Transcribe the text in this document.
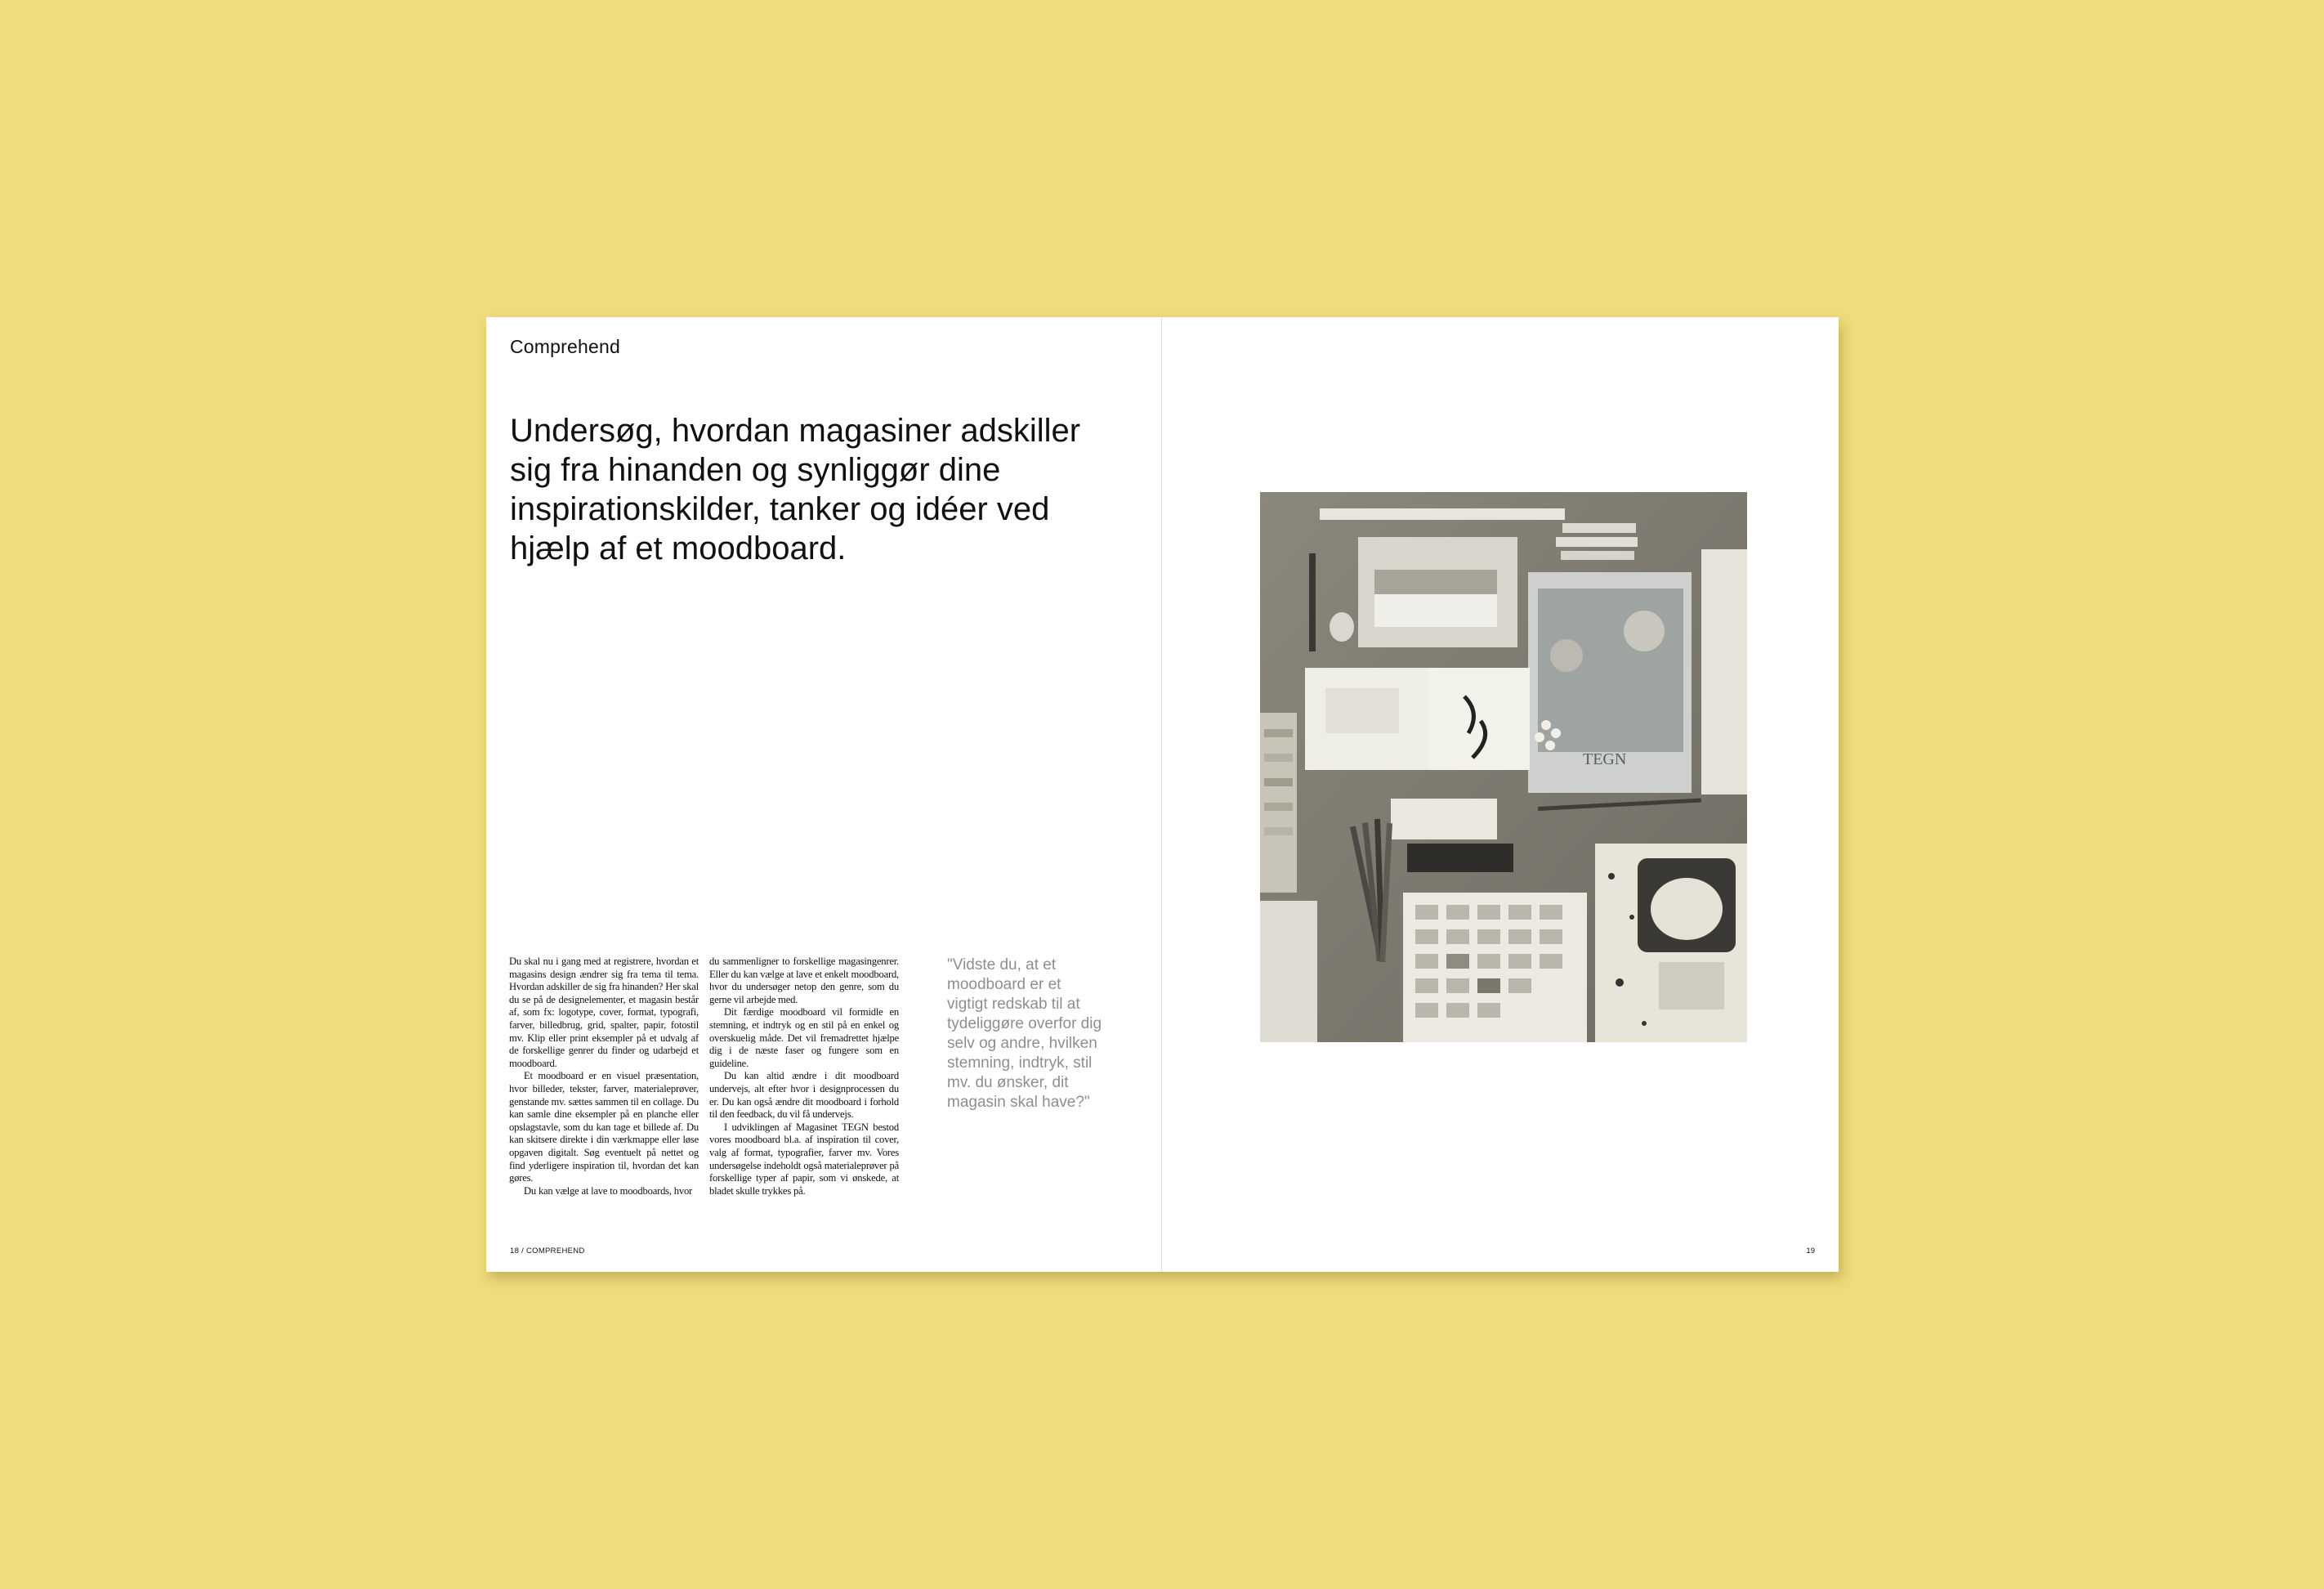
Comprehend
Undersøg, hvordan magasiner adskiller sig fra hinanden og synliggør dine inspirationskilder, tanker og idéer ved hjælp af et moodboard.

Du skal nu i gang med at registrere, hvordan et magasins design ændrer sig fra tema til tema. Hvordan adskiller de sig fra hinanden? Her skal du se på de designelementer, et magasin består af, som fx: logotype, cover, format, typografi, farver, billedbrug, grid, spalter, papir, fotostil mv. Klip eller print eksempler på et udvalg af de forskellige genrer du finder og udarbejd et moodboard.

Et moodboard er en visuel præsentation, hvor billeder, tekster, farver, materialeprøver, genstande mv. sættes sammen til en collage. Du kan samle dine eksempler på en planche eller opslagstavle, som du kan tage et billede af. Du kan skitsere direkte i din værkmappe eller løse opgaven digitalt. Søg eventuelt på nettet og find yderligere inspiration til, hvordan det kan gøres.

Du kan vælge at lave to moodboards, hvor

du sammenligner to forskellige magasingenrer. Eller du kan vælge at lave et enkelt moodboard, hvor du undersøger netop den genre, som du gerne vil arbejde med.

Dit færdige moodboard vil formidle en stemning, et indtryk og en stil på en enkel og overskuelig måde. Det vil fremadrettet hjælpe dig i de næste faser og fungere som en guideline.

Du kan altid ændre i dit moodboard undervejs, alt efter hvor i designprocessen du er. Du kan også ændre dit moodboard i forhold til den feedback, du vil få undervejs.

I udviklingen af Magasinet TEGN bestod vores moodboard bl.a. af inspiration til cover, valg af format, typografier, farver mv. Vores undersøgelse indeholdt også materialeprøver på forskellige typer af papir, som vi ønskede, at bladet skulle trykkes på.

"Vidste du, at et moodboard er et vigtigt redskab til at tydeliggøre overfor dig selv og andre, hvilken stemning, indtryk, stil mv. du ønsker, dit magasin skal have?"
18 / COMPREHEND
TEGN
19
